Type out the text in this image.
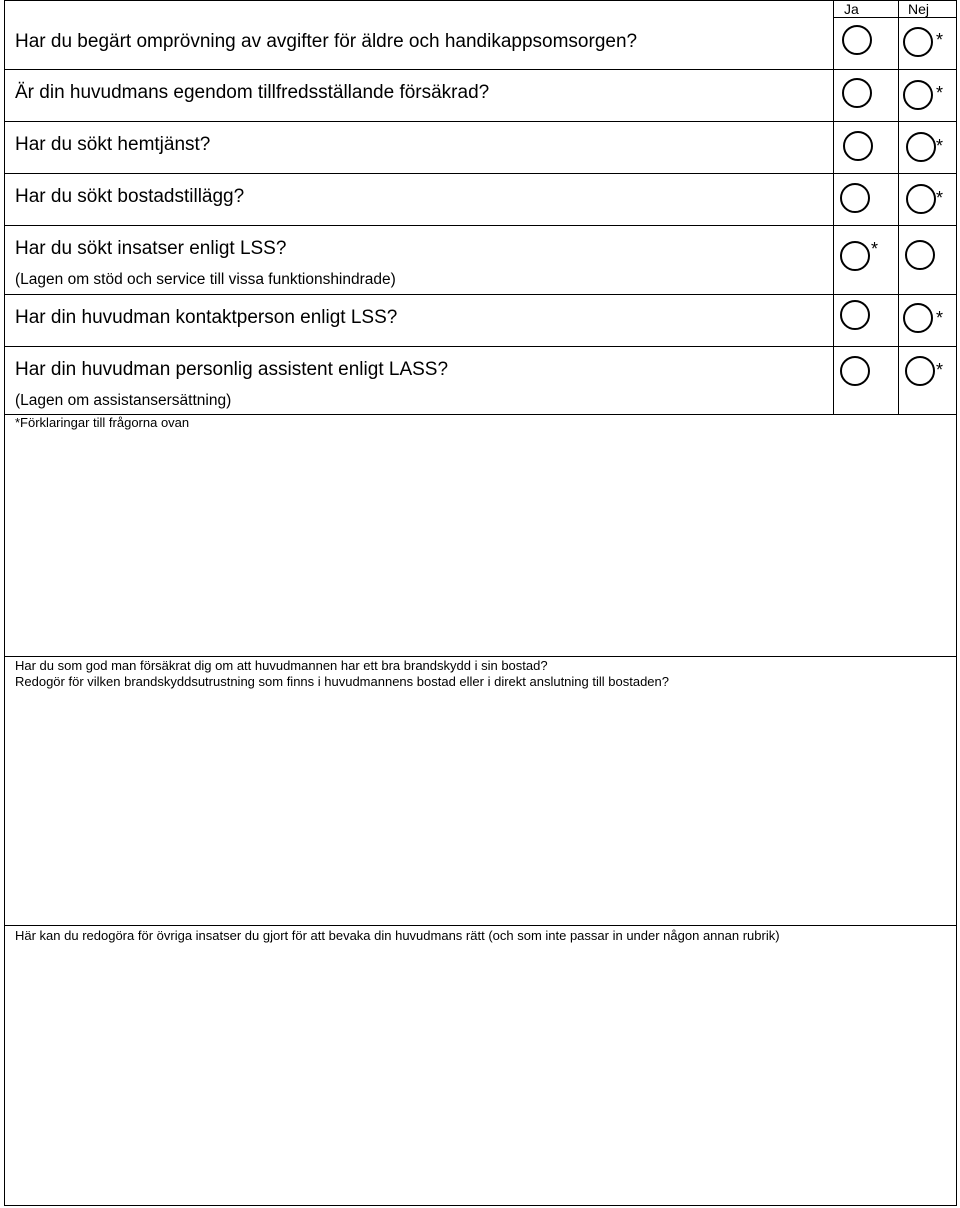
Ja	Nej
Har du begärt omprövning av avgifter för äldre och handikappsomsorgen?
Är din huvudmans egendom tillfredsställande försäkrad?
Har du sökt hemtjänst?
Har du sökt bostadstillägg?
Har du sökt insatser enligt LSS?
(Lagen om stöd och service till vissa funktionshindrade)
Har din huvudman kontaktperson enligt LSS?
Har din huvudman personlig assistent enligt LASS?
(Lagen om assistansersättning)
*
*
*
*
*
*
*
*Förklaringar till frågorna ovan
Har du som god man försäkrat dig om att huvudmannen har ett bra brandskydd i sin bostad?
Redogör för vilken brandskyddsutrustning som finns i huvudmannens bostad eller i direkt anslutning till bostaden?
Här kan du redogöra för övriga insatser du gjort för att bevaka din huvudmans rätt (och som inte passar in under någon annan rubrik)
